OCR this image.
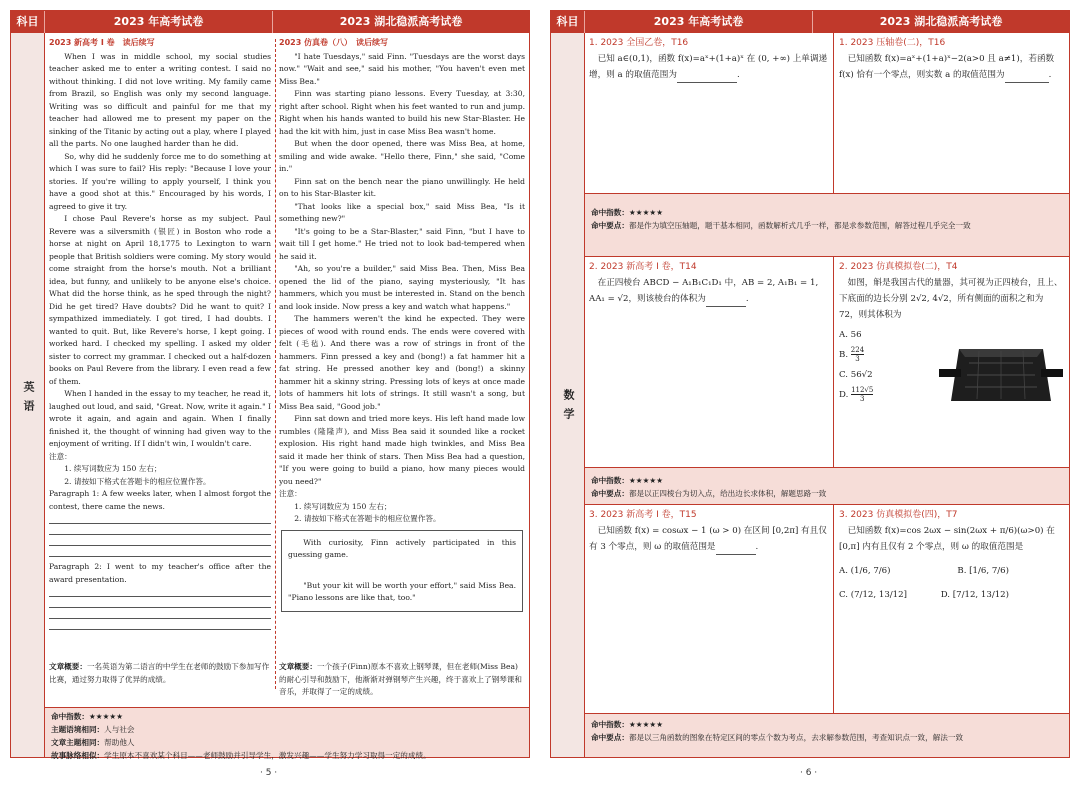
科目	2023 年高考试卷	2023 湖北稳派高考试卷
英语
2023 新高考 Ⅰ 卷　读后续写

When I was in middle school, my social studies teacher asked me to enter a writing contest. I said no without thinking. I did not love writing. My family came from Brazil, so English was only my second language. Writing was so difficult and painful for me that my teacher had allowed me to present my paper on the sinking of the Titanic by acting out a play, where I played all the parts. No one laughed harder than he did.

So, why did he suddenly force me to do something at which I was sure to fail? His reply: "Because I love your stories. If you're willing to apply yourself, I think you have a good shot at this." Encouraged by his words, I agreed to give it try.

I chose Paul Revere's horse as my subject. Paul Revere was a silversmith (银匠) in Boston who rode a horse at night on April 18,1775 to Lexington to warn people that British soldiers were coming. My story would come straight from the horse's mouth. Not a brilliant idea, but funny, and unlikely to be anyone else's choice. What did the horse think, as he sped through the night? Did he get tired? Have doubts? Did he want to quit? I sympathized immediately. I got tired, I had doubts. I wanted to quit. But, like Revere's horse, I kept going. I worked hard. I checked my spelling. I asked my older sister to correct my grammar. I checked out a half-dozen books on Paul Revere from the library. I even read a few of them.

When I handed in the essay to my teacher, he read it, laughed out loud, and said, "Great. Now, write it again." I wrote it again, and again and again. When I finally finished it, the thought of winning had given way to the enjoyment of writing. If I didn't win, I wouldn't care.

注意：

1. 续写词数应为 150 左右；

2. 请按如下格式在答题卡的相应位置作答。

Paragraph 1: A few weeks later, when I almost forgot the contest, there came the news.

Paragraph 2: I went to my teacher's office after the award presentation.

文章概要：一名英语为第二语言的中学生在老师的鼓励下参加写作比赛，通过努力取得了优异的成绩。
2023 仿真卷（八）　读后续写

"I hate Tuesdays," said Finn. "Tuesdays are the worst days now." "Wait and see," said his mother, "You haven't even met Miss Bea."

Finn was starting piano lessons. Every Tuesday, at 3:30, right after school. Right when his feet wanted to run and jump. Right when his hands wanted to build his new Star-Blaster. He had the kit with him, just in case Miss Bea wasn't home.

But when the door opened, there was Miss Bea, at home, smiling and wide awake. "Hello there, Finn," she said, "Come in."

Finn sat on the bench near the piano unwillingly. He held on to his Star-Blaster kit.

"That looks like a special box," said Miss Bea, "Is it something new?"

"It's going to be a Star-Blaster," said Finn, "but I have to wait till I get home." He tried not to look bad-tempered when he said it.

"Ah, so you're a builder," said Miss Bea. Then, Miss Bea opened the lid of the piano, saying mysteriously, "It has hammers, which you must be interested in. Stand on the bench and look inside. Now press a key and watch what happens."

The hammers weren't the kind he expected. They were pieces of wood with round ends. The ends were covered with felt (毛毡). And there was a row of strings in front of the hammers. Finn pressed a key and (bong!) a fat hammer hit a fat string. He pressed another key and (bong!) a skinny hammer hit a skinny string. Pressing lots of keys at once made lots of hammers hit lots of strings. It still wasn't a song, but Miss Bea said, "Good job."

Finn sat down and tried more keys. His left hand made low rumbles (隆隆声), and Miss Bea said it sounded like a rocket explosion. His right hand made high twinkles, and Miss Bea said it made her think of stars. Then Miss Bea had a question, "If you were going to build a piano, how many pieces would you need?"

注意：

1. 续写词数应为 150 左右；

2. 请按如下格式在答题卡的相应位置作答。

With curiosity, Finn actively participated in this guessing game.

"But your kit will be worth your effort," said Miss Bea. "Piano lessons are like that, too."

文章概要：一个孩子(Finn)原本不喜欢上钢琴课，但在老师(Miss Bea)的耐心引导和鼓励下，他渐渐对弹钢琴产生兴趣，终于喜欢上了钢琴课和音乐，并取得了一定的成绩。
命中指数：★★★★★
主题语境相同：人与社会
文章主题相同：帮助他人
故事脉络相似：学生原本不喜欢某个科目——老师鼓励并引导学生，激发兴趣——学生努力学习取得一定的成绩。
· 5 ·
科目	2023 年高考试卷	2023 湖北稳派高考试卷
数学
1. 2023 全国乙卷，T16
已知 a∈(0,1)，函数 f(x)=aˣ+(1+a)ˣ 在 (0, +∞) 上单调递增，则 a 的取值范围为	.
1. 2023 压轴卷(二)，T16
已知函数 f(x)=aˣ+(1+a)ˣ−2(a>0 且 a≠1)，若函数 f(x) 恰有一个零点，则实数 a 的取值范围为	.
命中指数：★★★★★
命中要点：都是作为填空压轴题，题干基本相同，函数解析式几乎一样，都是求参数范围，解答过程几乎完全一致
2. 2023 新高考 Ⅰ 卷，T14
在正四棱台 ABCD − A₁B₁C₁D₁ 中，AB = 2, A₁B₁ = 1, AA₁ = √2，则该棱台的体积为	.
2. 2023 仿真模拟卷(二)，T4
如图，斛是我国古代的量器，其可视为正四棱台，且上、下底面的边长分别 2√2, 4√2，所有侧面的面积之和为 72，则其体积为
A. 56
B. $\frac{224}{3}$
C. 56√2
D. $\frac{112√5}{3}$
命中指数：★★★★★
命中要点：都是以正四棱台为切入点，给出边长求体积，解题思路一致
3. 2023 新高考 Ⅰ 卷，T15
已知函数 f(x) = cosωx − 1 (ω > 0) 在区间 [0,2π] 有且仅有 3 个零点，则 ω 的取值范围是	.
3. 2023 仿真模拟卷(四)，T7
已知函数 f(x)=cos 2ωx − sin(2ωx + π/6)(ω>0) 在 [0,π] 内有且仅有 2 个零点，则 ω 的取值范围是
A. (1/6, 7/6)	B. [1/6, 7/6)
C. (7/12, 13/12]	D. [7/12, 13/12)
命中指数：★★★★★
命中要点：都是以三角函数的图象在特定区间的零点个数为考点，去求解参数范围，考查知识点一致，解法一致
· 6 ·
